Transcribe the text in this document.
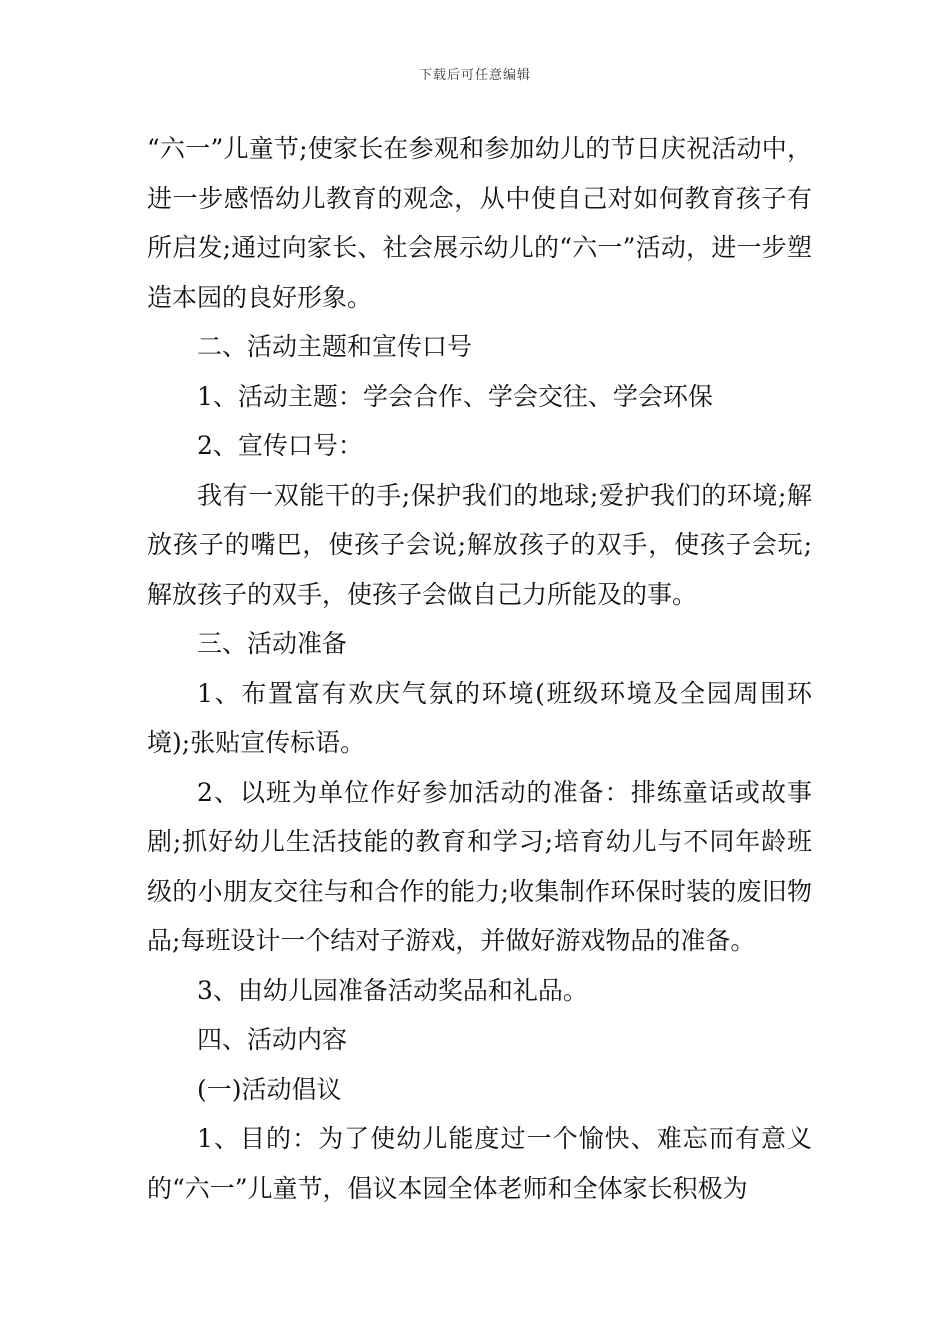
下载后可任意编辑

“六一”儿童节;使家长在参观和参加幼儿的节日庆祝活动中，进一步感悟幼儿教育的观念，从中使自己对如何教育孩子有所启发;通过向家长、社会展示幼儿的“六一”活动，进一步塑造本园的良好形象。

二、活动主题和宣传口号

1、活动主题：学会合作、学会交往、学会环保

2、宣传口号：

我有一双能干的手;保护我们的地球;爱护我们的环境;解放孩子的嘴巴，使孩子会说;解放孩子的双手，使孩子会玩;解放孩子的双手，使孩子会做自己力所能及的事。

三、活动准备

1、布置富有欢庆气氛的环境(班级环境及全园周围环境);张贴宣传标语。

2、以班为单位作好参加活动的准备：排练童话或故事剧;抓好幼儿生活技能的教育和学习;培育幼儿与不同年龄班级的小朋友交往与和合作的能力;收集制作环保时装的废旧物品;每班设计一个结对子游戏，并做好游戏物品的准备。

3、由幼儿园准备活动奖品和礼品。

四、活动内容

(一)活动倡议

1、目的：为了使幼儿能度过一个愉快、难忘而有意义的“六一”儿童节，倡议本园全体老师和全体家长积极为
